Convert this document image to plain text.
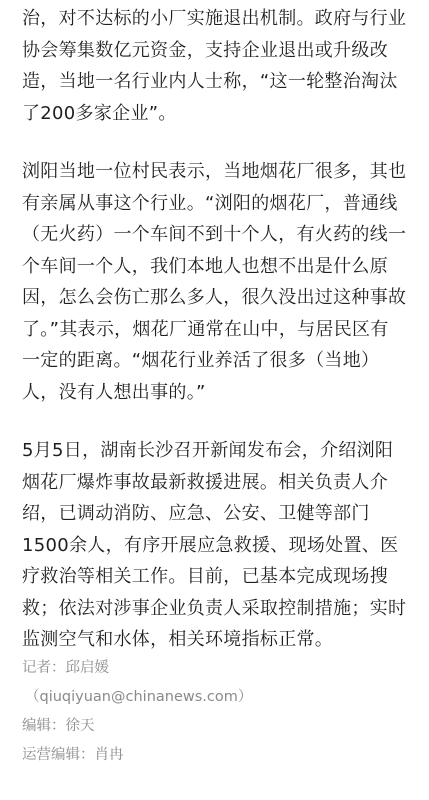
治，对不达标的小厂实施退出机制。政府与行业
协会筹集数亿元资金，支持企业退出或升级改
造，当地一名行业内人士称，“这一轮整治淘汰
了200多家企业”。

浏阳当地一位村民表示，当地烟花厂很多，其也
有亲属从事这个行业。“浏阳的烟花厂，普通线
（无火药）一个车间不到十个人，有火药的线一
个车间一个人，我们本地人也想不出是什么原
因，怎么会伤亡那么多人，很久没出过这种事故
了。”其表示，烟花厂通常在山中，与居民区有
一定的距离。“烟花行业养活了很多（当地）
人，没有人想出事的。”

5月5日，湖南长沙召开新闻发布会，介绍浏阳
烟花厂爆炸事故最新救援进展。相关负责人介
绍，已调动消防、应急、公安、卫健等部门
1500余人，有序开展应急救援、现场处置、医
疗救治等相关工作。目前，已基本完成现场搜
救；依法对涉事企业负责人采取控制措施；实时
监测空气和水体，相关环境指标正常。

记者：邱启媛
（qiuqiyuan@chinanews.com）
编辑：徐天
运营编辑：肖冉
